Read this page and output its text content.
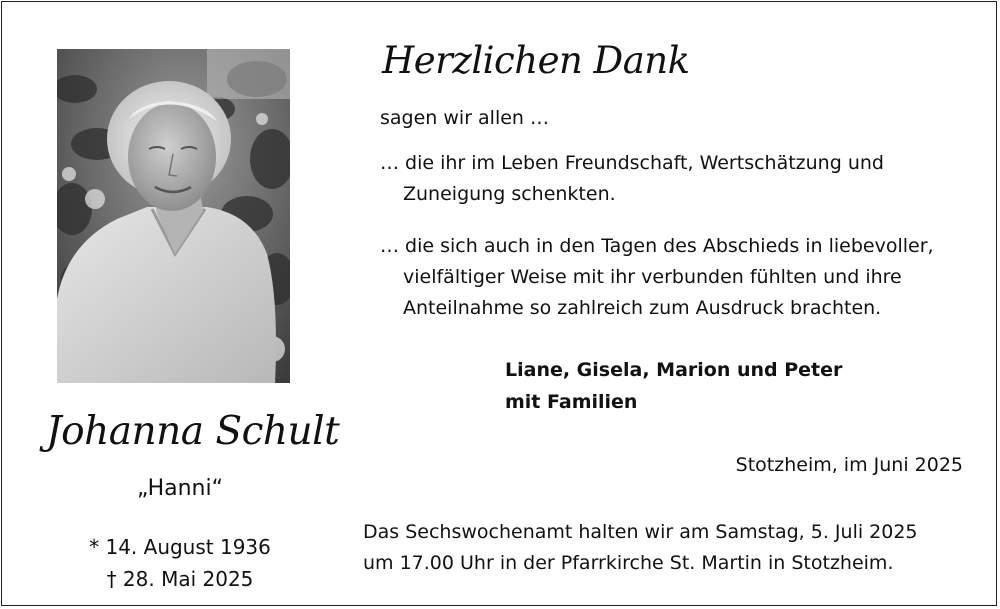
Johanna Schult
„Hanni“
* 14. August 1936
† 28. Mai 2025
Herzlichen Dank
sagen wir allen …
… die ihr im Leben Freundschaft, Wertschätzung und
Zuneigung schenkten.
… die sich auch in den Tagen des Abschieds in liebevoller,
vielfältiger Weise mit ihr verbunden fühlten und ihre
Anteilnahme so zahlreich zum Ausdruck brachten.
Liane, Gisela, Marion und Peter
mit Familien
Stotzheim, im Juni 2025
Das Sechswochenamt halten wir am Samstag, 5. Juli 2025
um 17.00 Uhr in der Pfarrkirche St. Martin in Stotzheim.
